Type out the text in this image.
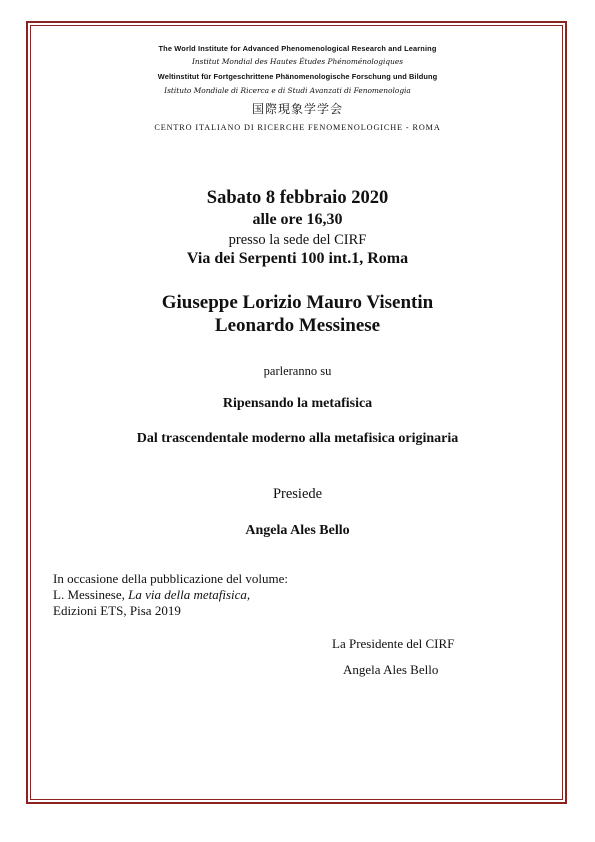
The World Institute for Advanced Phenomenological Research and Learning
Institut Mondial des Hautes Études Phénoménologiques
Weltinstitut für Fortgeschrittene Phänomenologische Forschung und Bildung
Istituto Mondiale di Ricerca e di Studi Avanzati di Fenomenologia
国際現象学学会
CENTRO ITALIANO DI RICERCHE FENOMENOLOGICHE - ROMA
Sabato 8 febbraio 2020
alle ore 16,30
presso la sede del CIRF
Via dei Serpenti 100 int.1, Roma
Giuseppe Lorizio Mauro Visentin
Leonardo Messinese
parleranno su
Ripensando la metafisica
Dal trascendentale moderno alla metafisica originaria
Presiede
Angela Ales Bello
In occasione della pubblicazione del volume:
L. Messinese, La via della metafisica,
Edizioni ETS, Pisa 2019
La Presidente del CIRF
Angela Ales Bello
